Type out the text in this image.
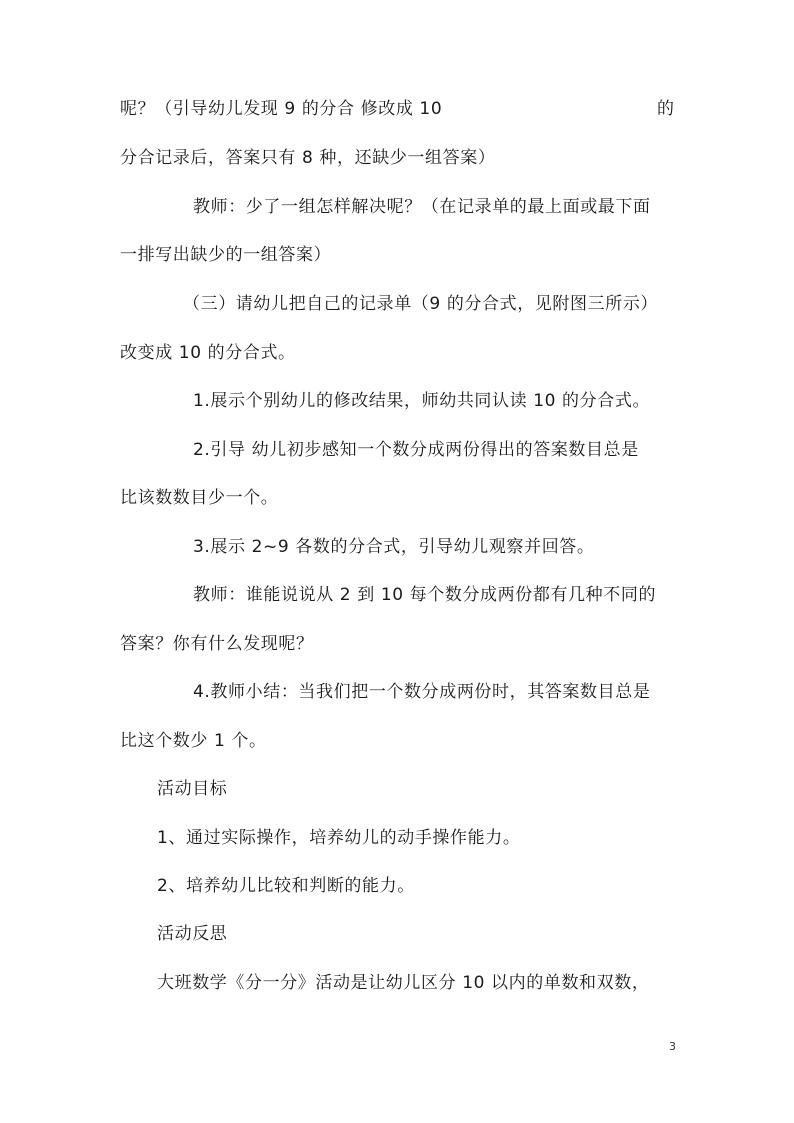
呢？（引导幼儿发现 9 的分合 修改成 10	的
分合记录后，答案只有 8 种，还缺少一组答案）
教师：少了一组怎样解决呢？（在记录单的最上面或最下面
一排写出缺少的一组答案）
（三）请幼儿把自己的记录单（9 的分合式，见附图三所示）
改变成 10 的分合式。
1.展示个别幼儿的修改结果，师幼共同认读 10 的分合式。
2.引导 幼儿初步感知一个数分成两份得出的答案数目总是
比该数数目少一个。
3.展示 2~9 各数的分合式，引导幼儿观察并回答。
教师：谁能说说从 2 到 10 每个数分成两份都有几种不同的
答案？你有什么发现呢？
4.教师小结：当我们把一个数分成两份时，其答案数目总是
比这个数少 1 个。
活动目标
1、通过实际操作，培养幼儿的动手操作能力。
2、培养幼儿比较和判断的能力。
活动反思
大班数学《分一分》活动是让幼儿区分 10 以内的单数和双数，
3
